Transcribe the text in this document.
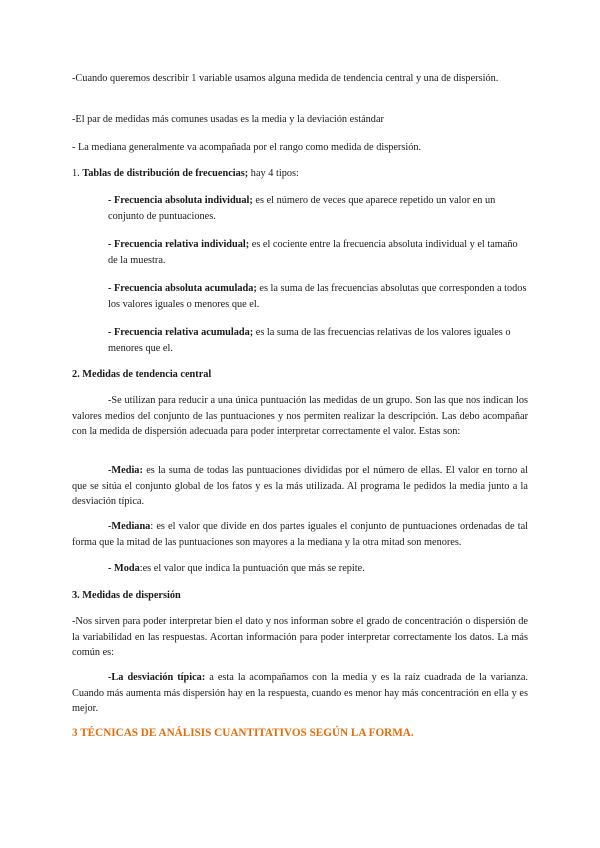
-Cuando queremos describir 1 variable usamos alguna medida de tendencia central y una de dispersión.

-El par de medidas más comunes usadas es la media y la deviación estándar

- La mediana generalmente va acompañada por el rango como medida de dispersión.

1. Tablas de distribución de frecuencias; hay 4 tipos:

- Frecuencia absoluta individual; es el número de veces que aparece repetido un valor en un conjunto de puntuaciones.

- Frecuencia relativa individual; es el cociente entre la frecuencia absoluta individual y el tamaño de la muestra.

- Frecuencia absoluta acumulada; es la suma de las frecuencias absolutas que corresponden a todos los valores iguales o menores que el.

- Frecuencia relativa acumulada; es la suma de las frecuencias relativas de los valores iguales o menores que el.

2. Medidas de tendencia central

-Se utilizan para reducir a una única puntuación las medidas de un grupo. Son las que nos indican los valores medios del conjunto de las puntuaciones y nos permiten realizar la descripción. Las debo acompañar con la medida de dispersión adecuada para poder interpretar correctamente el valor. Estas son:

-Media: es la suma de todas las puntuaciones divididas por el número de ellas. El valor en torno al que se sitúa el conjunto global de los fatos y es la más utilizada. Al programa le pedidos la media junto a la desviación típica.

-Mediana: es el valor que divide en dos partes iguales el conjunto de puntuaciones ordenadas de tal forma que la mitad de las puntuaciones son mayores a la mediana y la otra mitad son menores.

- Moda:es el valor que indica la puntuación que más se repite.

3. Medidas de dispersión

-Nos sirven para poder interpretar bien el dato y nos informan sobre el grado de concentración o dispersión de la variabilidad en las respuestas. Acortan información para poder interpretar correctamente los datos. La más común es:

-La desviación típica: a esta la acompañamos con la media y es la raíz cuadrada de la varianza. Cuando más aumenta más dispersión hay en la respuesta, cuando es menor hay más concentración en ella y es mejor.

3 TÉCNICAS DE ANÁLISIS CUANTITATIVOS SEGÚN LA FORMA.
